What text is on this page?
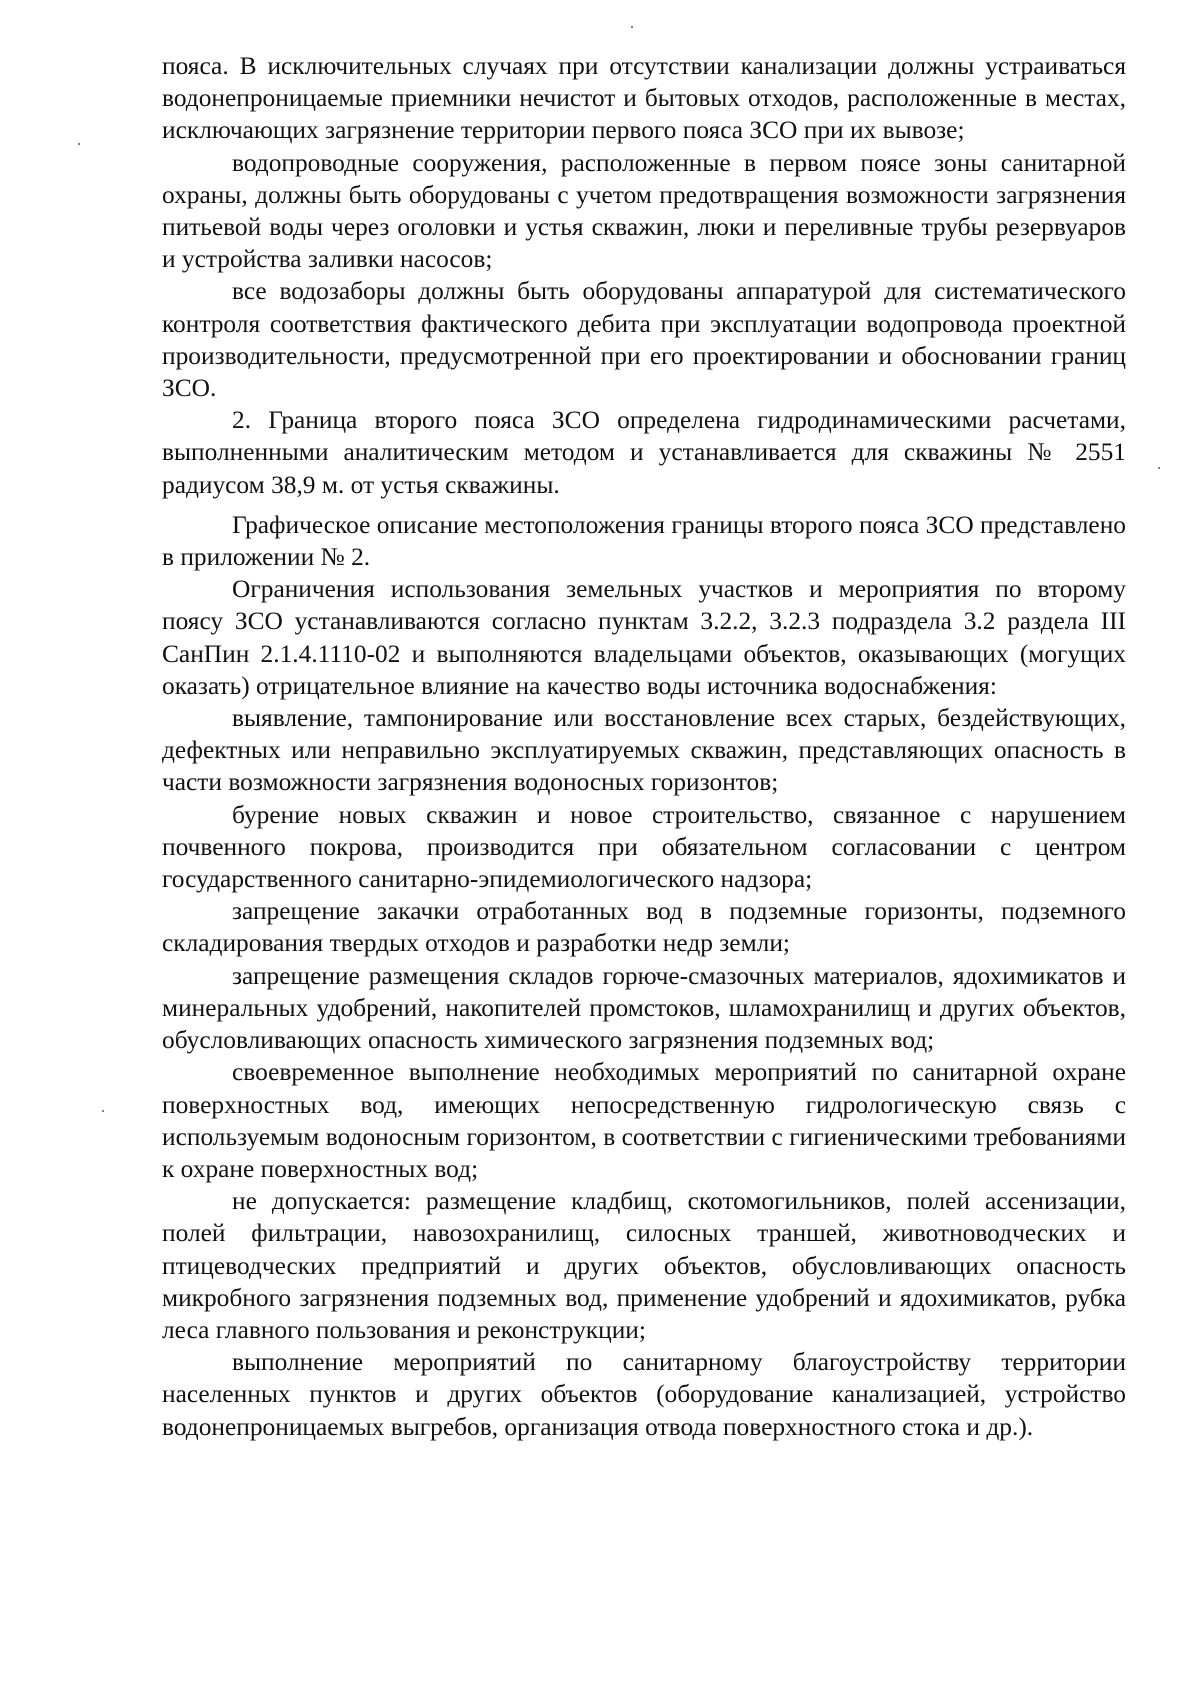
пояса. В исключительных случаях при отсутствии канализации должны устраиваться водонепроницаемые приемники нечистот и бытовых отходов, расположенные в местах, исключающих загрязнение территории первого пояса ЗСО при их вывозе;

водопроводные сооружения, расположенные в первом поясе зоны санитарной охраны, должны быть оборудованы с учетом предотвращения возможности загрязнения питьевой воды через оголовки и устья скважин, люки и переливные трубы резервуаров и устройства заливки насосов;

все водозаборы должны быть оборудованы аппаратурой для систематического контроля соответствия фактического дебита при эксплуатации водопровода проектной производительности, предусмотренной при его проектировании и обосновании границ ЗСО.

2. Граница второго пояса ЗСО определена гидродинамическими расчетами, выполненными аналитическим методом и устанавливается для скважины № 2551 радиусом 38,9 м. от устья скважины.

Графическое описание местоположения границы второго пояса ЗСО представлено в приложении № 2.

Ограничения использования земельных участков и мероприятия по второму поясу ЗСО устанавливаются согласно пунктам 3.2.2, 3.2.3 подраздела 3.2 раздела III СанПин 2.1.4.1110-02 и выполняются владельцами объектов, оказывающих (могущих оказать) отрицательное влияние на качество воды источника водоснабжения:

выявление, тампонирование или восстановление всех старых, бездействующих, дефектных или неправильно эксплуатируемых скважин, представляющих опасность в части возможности загрязнения водоносных горизонтов;

бурение новых скважин и новое строительство, связанное с нарушением почвенного покрова, производится при обязательном согласовании с центром государственного санитарно-эпидемиологического надзора;

запрещение закачки отработанных вод в подземные горизонты, подземного складирования твердых отходов и разработки недр земли;

запрещение размещения складов горюче-смазочных материалов, ядохимикатов и минеральных удобрений, накопителей промстоков, шламохранилищ и других объектов, обусловливающих опасность химического загрязнения подземных вод;

своевременное выполнение необходимых мероприятий по санитарной охране поверхностных вод, имеющих непосредственную гидрологическую связь с используемым водоносным горизонтом, в соответствии с гигиеническими требованиями к охране поверхностных вод;

не допускается: размещение кладбищ, скотомогильников, полей ассенизации, полей фильтрации, навозохранилищ, силосных траншей, животноводческих и птицеводческих предприятий и других объектов, обусловливающих опасность микробного загрязнения подземных вод, применение удобрений и ядохимикатов, рубка леса главного пользования и реконструкции;

выполнение мероприятий по санитарному благоустройству территории населенных пунктов и других объектов (оборудование канализацией, устройство водонепроницаемых выгребов, организация отвода поверхностного стока и др.).
